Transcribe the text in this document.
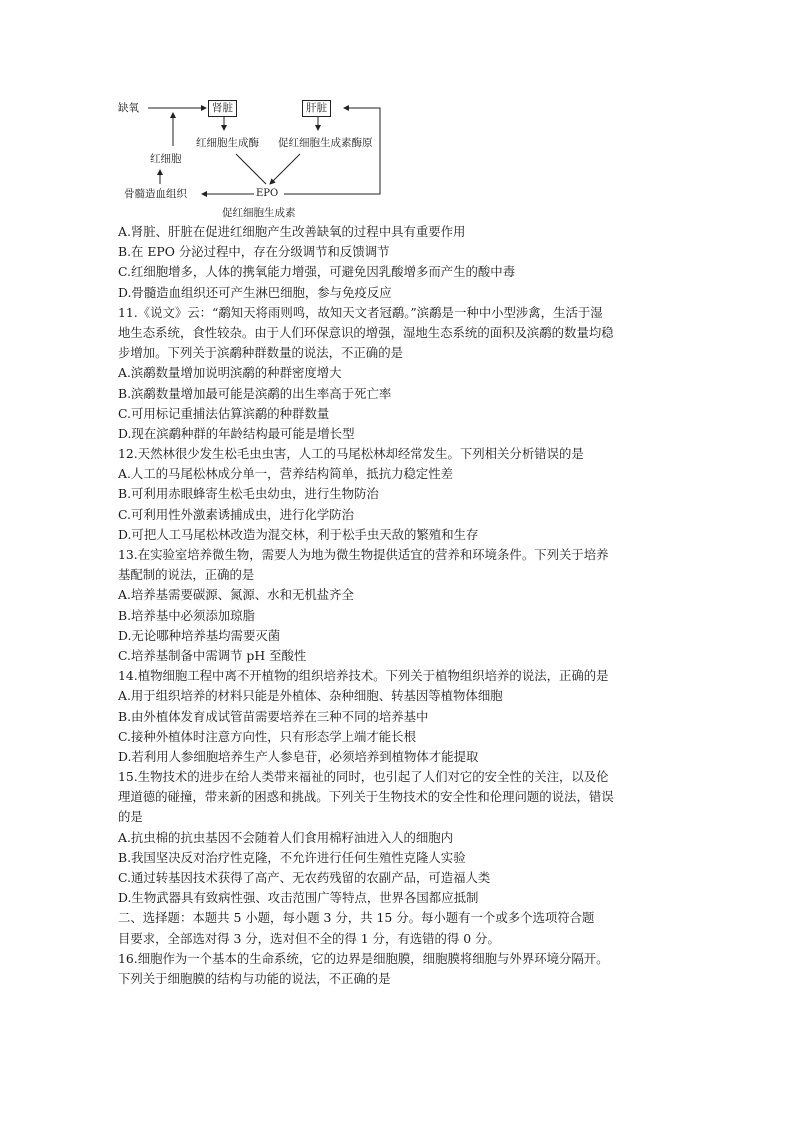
缺氧	肾脏	肝脏
红细胞生成酶 促红细胞生成素酶原
红细胞
EPO
骨髓造血组织
促红细胞生成素
A.肾脏、肝脏在促进红细胞产生改善缺氧的过程中具有重要作用
B.在 EPO 分泌过程中，存在分级调节和反馈调节
C.红细胞增多，人体的携氧能力增强，可避免因乳酸增多而产生的酸中毒
D.骨髓造血组织还可产生淋巴细胞，参与免疫反应
11.《说文》云：“鹬知天将雨则鸣，故知天文者冠鹬。”滨鹬是一种中小型涉禽，生活于湿
地生态系统，食性较杂。由于人们环保意识的增强，湿地生态系统的面积及滨鹬的数量均稳
步增加。下列关于滨鹬种群数量的说法，不正确的是
A.滨鹬数量增加说明滨鹬的种群密度增大
B.滨鹬数量增加最可能是滨鹬的出生率高于死亡率
C.可用标记重捕法估算滨鹬的种群数量
D.现在滨鹬种群的年龄结构最可能是增长型
12.天然林很少发生松毛虫虫害，人工的马尾松林却经常发生。下列相关分析错误的是
A.人工的马尾松林成分单一，营养结构简单，抵抗力稳定性差
B.可利用赤眼蜂寄生松毛虫幼虫，进行生物防治
C.可利用性外激素诱捕成虫，进行化学防治
D.可把人工马尾松林改造为混交林，利于松手虫天敌的繁殖和生存
13.在实验室培养微生物，需要人为地为微生物提供适宜的营养和环境条件。下列关于培养
基配制的说法，正确的是
A.培养基需要碳源、氮源、水和无机盐齐全
B.培养基中必须添加琼脂
D.无论哪种培养基均需要灭菌
C.培养基制备中需调节 pH 至酸性
14.植物细胞工程中离不开植物的组织培养技术。下列关于植物组织培养的说法，正确的是
A.用于组织培养的材料只能是外植体、杂种细胞、转基因等植物体细胞
B.由外植体发育成试管苗需要培养在三种不同的培养基中
C.接种外植体时注意方向性，只有形态学上端才能长根
D.若利用人参细胞培养生产人参皂苷，必须培养到植物体才能提取
15.生物技术的进步在给人类带来福祉的同时，也引起了人们对它的安全性的关注，以及伦
理道德的碰撞，带来新的困惑和挑战。下列关于生物技术的安全性和伦理问题的说法，错误
的是
A.抗虫棉的抗虫基因不会随着人们食用棉籽油进入人的细胞内
B.我国坚决反对治疗性克隆，不允许进行任何生殖性克隆人实验
C.通过转基因技术获得了高产、无农药残留的农副产品，可造福人类
D.生物武器具有致病性强、攻击范围广等特点，世界各国都应抵制
二、选择题：本题共 5 小题，每小题 3 分，共 15 分。每小题有一个或多个选项符合题
目要求，全部选对得 3 分，选对但不全的得 1 分，有选错的得 0 分。
16.细胞作为一个基本的生命系统，它的边界是细胞膜，细胞膜将细胞与外界环境分隔开。
下列关于细胞膜的结构与功能的说法，不正确的是
